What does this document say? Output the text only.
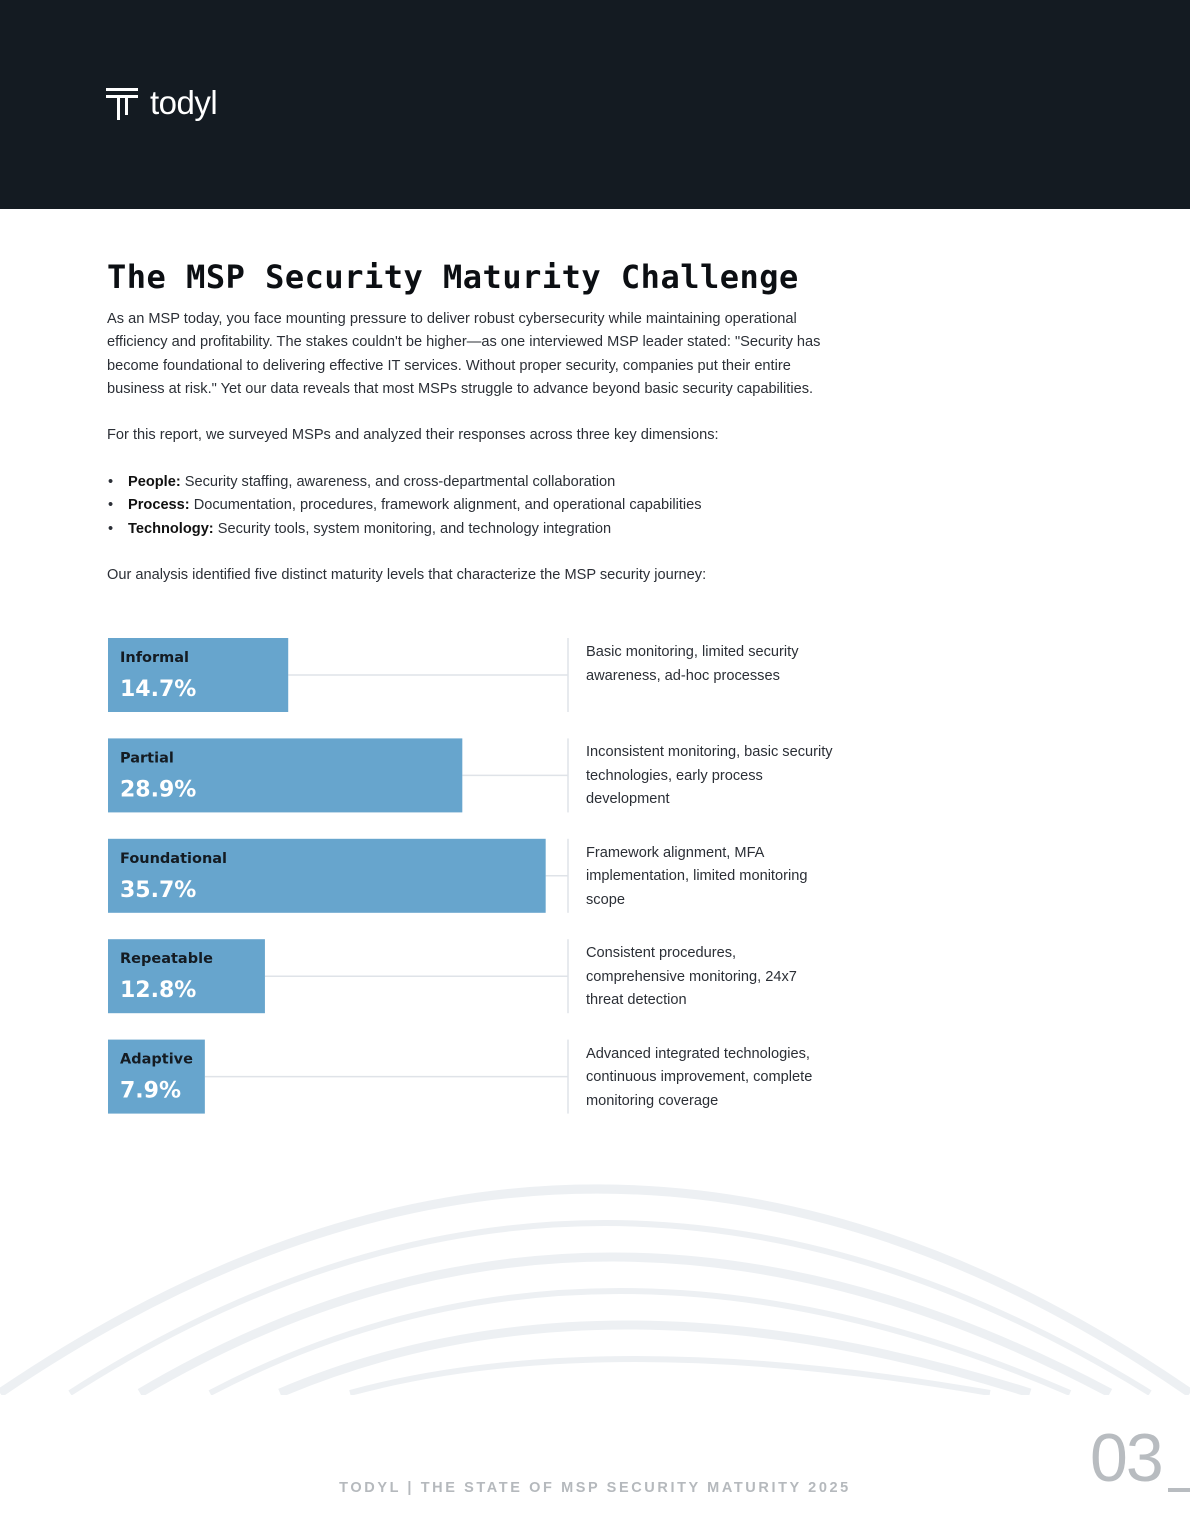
todyl
The MSP Security Maturity Challenge

As an MSP today, you face mounting pressure to deliver robust cybersecurity while maintaining operational efficiency and profitability. The stakes couldn't be higher—as one interviewed MSP leader stated: "Security has become foundational to delivering effective IT services. Without proper security, companies put their entire business at risk." Yet our data reveals that most MSPs struggle to advance beyond basic security capabilities.

For this report, we surveyed MSPs and analyzed their responses across three key dimensions:

• People: Security staffing, awareness, and cross-departmental collaboration
• Process: Documentation, procedures, framework alignment, and operational capabilities
• Technology: Security tools, system monitoring, and technology integration

Our analysis identified five distinct maturity levels that characterize the MSP security journey:

Informal
14.7%
Partial
28.9%
Foundational
35.7%
Repeatable
12.8%
Adaptive
7.9%
Basic monitoring, limited security awareness, ad-hoc processes
Inconsistent monitoring, basic security technologies, early process development
Framework alignment, MFA implementation, limited monitoring scope
Consistent procedures, comprehensive monitoring, 24x7 threat detection
Advanced integrated technologies, continuous improvement, complete monitoring coverage
TODYL | THE STATE OF MSP SECURITY MATURITY 2025	03
